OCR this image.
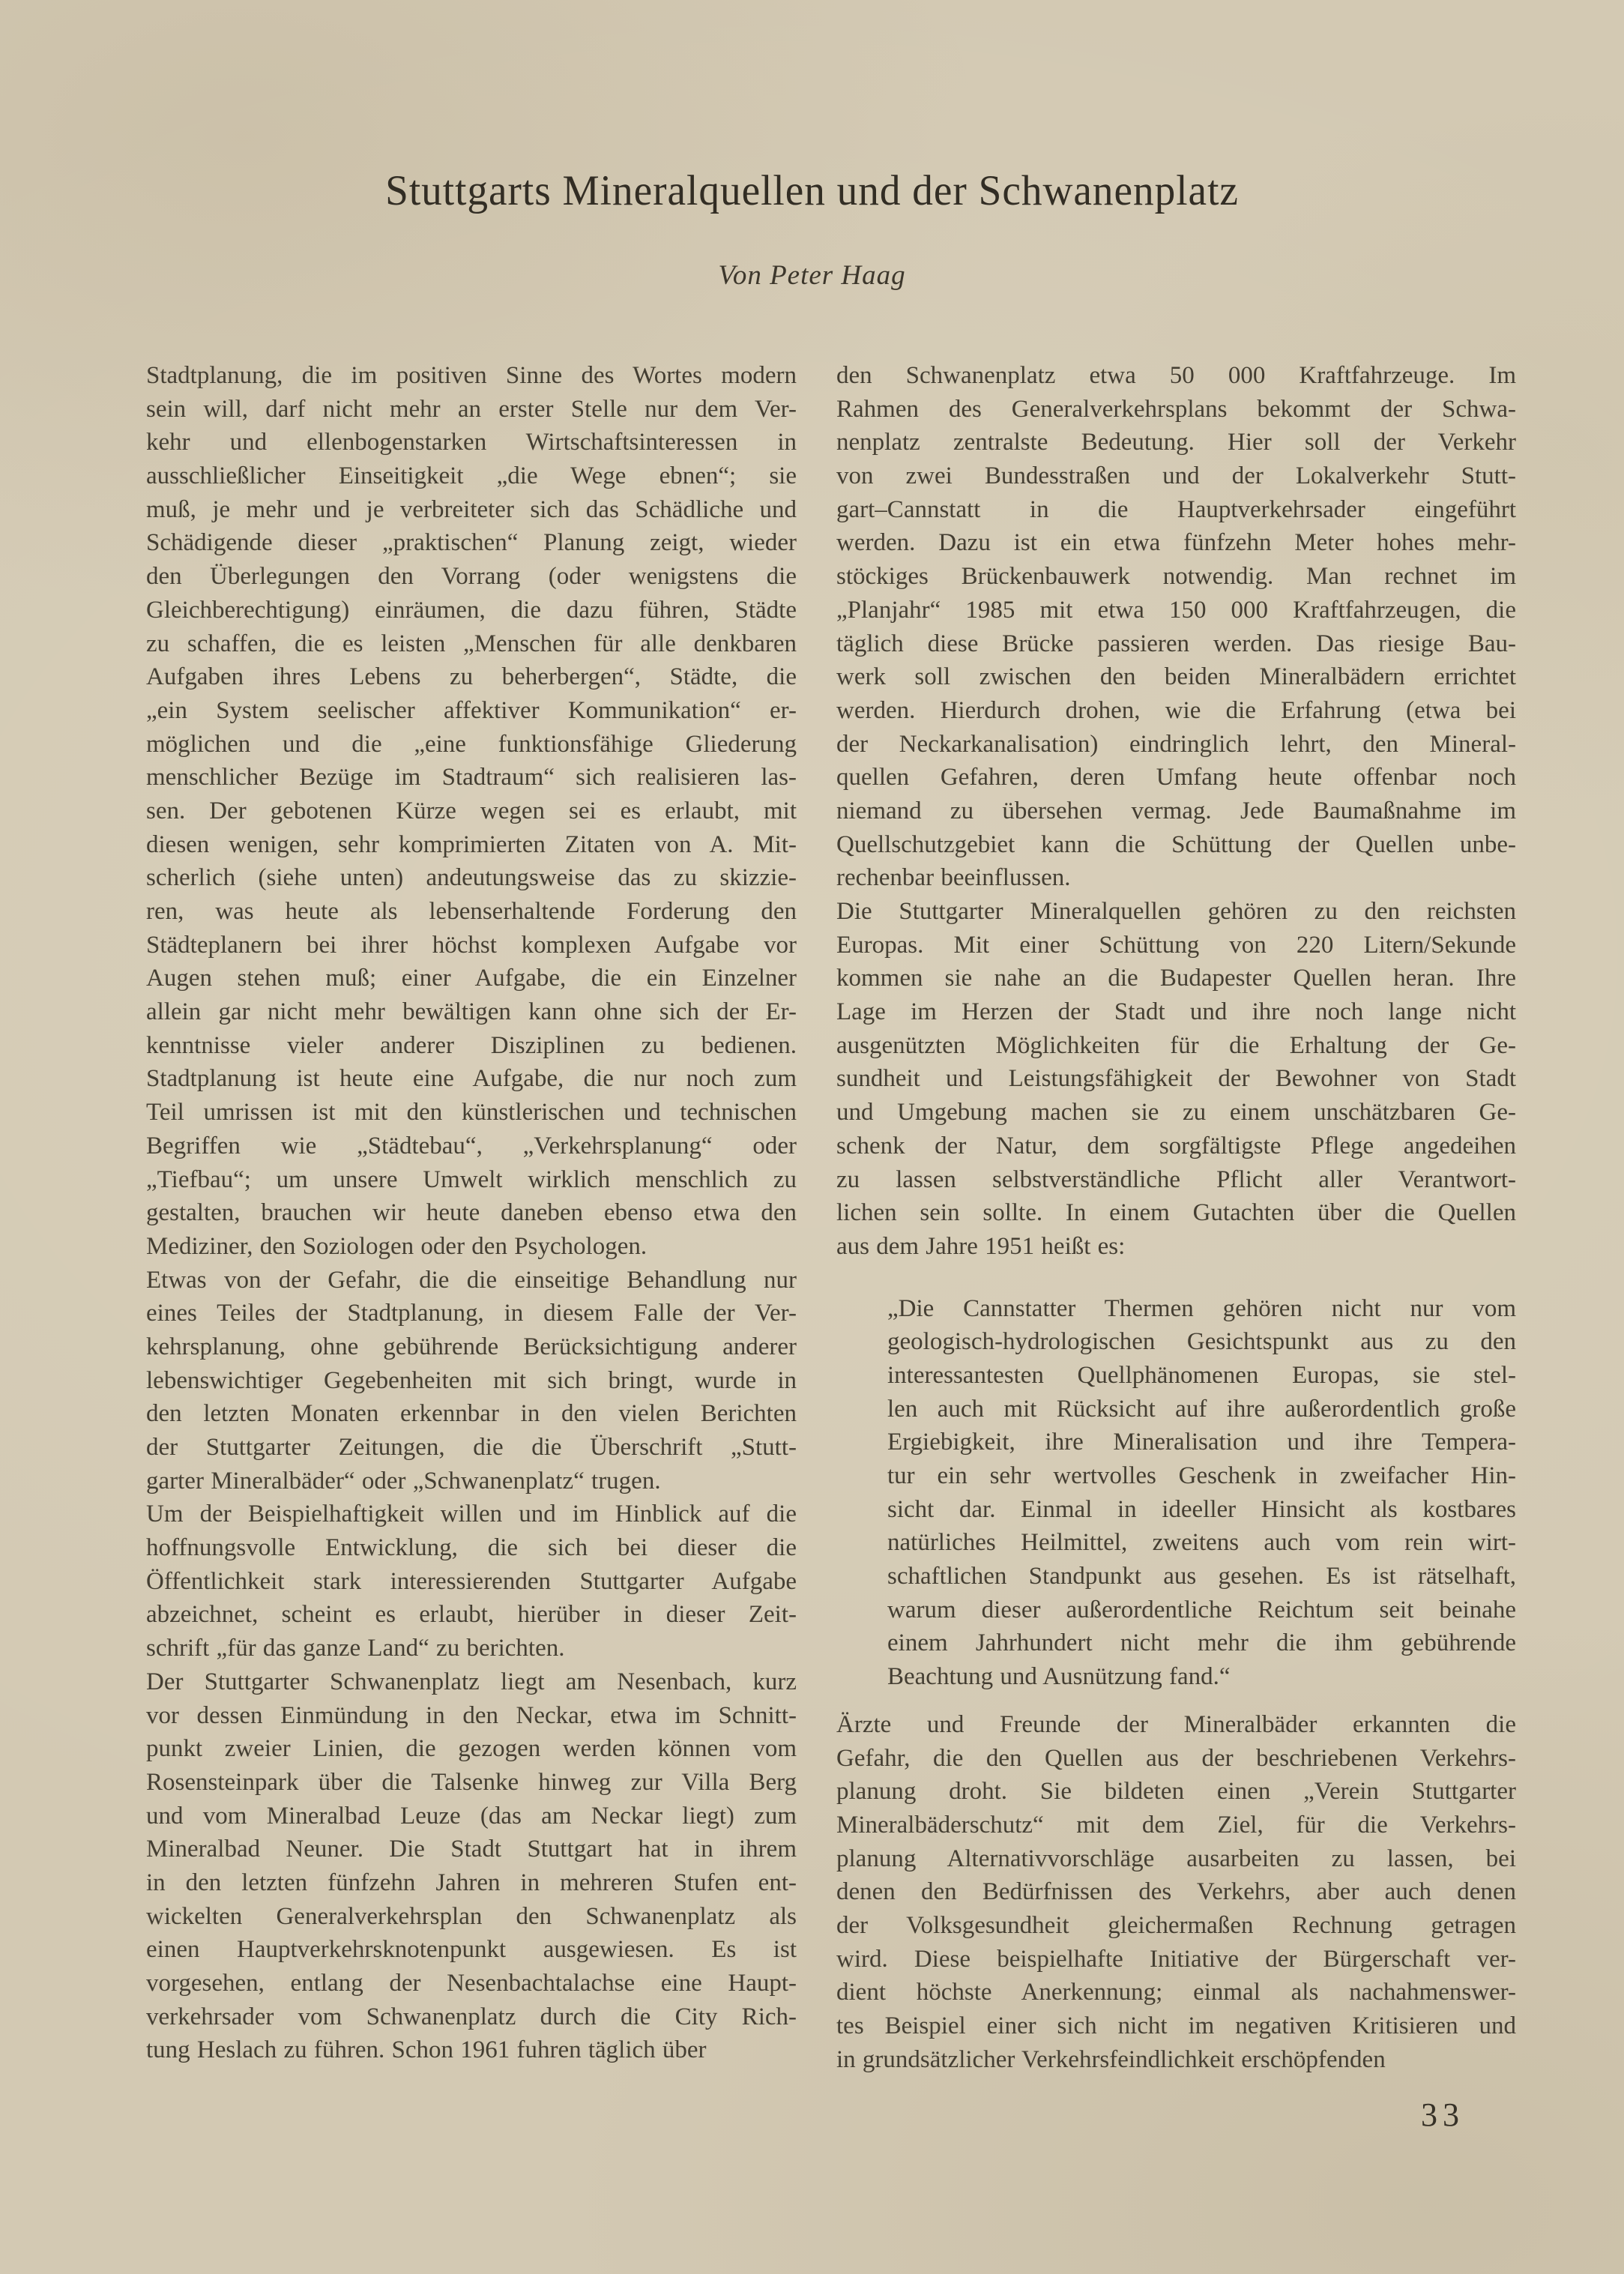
Stuttgarts Mineralquellen und der Schwanenplatz
Von Peter Haag
Stadtplanung, die im positiven Sinne des Wortes modern
sein will, darf nicht mehr an erster Stelle nur dem Ver-
kehr und ellenbogenstarken Wirtschaftsinteressen in
ausschließlicher Einseitigkeit „die Wege ebnen“; sie
muß, je mehr und je verbreiteter sich das Schädliche und
Schädigende dieser „praktischen“ Planung zeigt, wieder
den Überlegungen den Vorrang (oder wenigstens die
Gleichberechtigung) einräumen, die dazu führen, Städte
zu schaffen, die es leisten „Menschen für alle denkbaren
Aufgaben ihres Lebens zu beherbergen“, Städte, die
„ein System seelischer affektiver Kommunikation“ er-
möglichen und die „eine funktionsfähige Gliederung
menschlicher Bezüge im Stadtraum“ sich realisieren las-
sen. Der gebotenen Kürze wegen sei es erlaubt, mit
diesen wenigen, sehr komprimierten Zitaten von A. Mit-
scherlich (siehe unten) andeutungsweise das zu skizzie-
ren, was heute als lebenserhaltende Forderung den
Städteplanern bei ihrer höchst komplexen Aufgabe vor
Augen stehen muß; einer Aufgabe, die ein Einzelner
allein gar nicht mehr bewältigen kann ohne sich der Er-
kenntnisse vieler anderer Disziplinen zu bedienen.
Stadtplanung ist heute eine Aufgabe, die nur noch zum
Teil umrissen ist mit den künstlerischen und technischen
Begriffen wie „Städtebau“, „Verkehrsplanung“ oder
„Tiefbau“; um unsere Umwelt wirklich menschlich zu
gestalten, brauchen wir heute daneben ebenso etwa den
Mediziner, den Soziologen oder den Psychologen.
Etwas von der Gefahr, die die einseitige Behandlung nur
eines Teiles der Stadtplanung, in diesem Falle der Ver-
kehrsplanung, ohne gebührende Berücksichtigung anderer
lebenswichtiger Gegebenheiten mit sich bringt, wurde in
den letzten Monaten erkennbar in den vielen Berichten
der Stuttgarter Zeitungen, die die Überschrift „Stutt-
garter Mineralbäder“ oder „Schwanenplatz“ trugen.
Um der Beispielhaftigkeit willen und im Hinblick auf die
hoffnungsvolle Entwicklung, die sich bei dieser die
Öffentlichkeit stark interessierenden Stuttgarter Aufgabe
abzeichnet, scheint es erlaubt, hierüber in dieser Zeit-
schrift „für das ganze Land“ zu berichten.
Der Stuttgarter Schwanenplatz liegt am Nesenbach, kurz
vor dessen Einmündung in den Neckar, etwa im Schnitt-
punkt zweier Linien, die gezogen werden können vom
Rosensteinpark über die Talsenke hinweg zur Villa Berg
und vom Mineralbad Leuze (das am Neckar liegt) zum
Mineralbad Neuner. Die Stadt Stuttgart hat in ihrem
in den letzten fünfzehn Jahren in mehreren Stufen ent-
wickelten Generalverkehrsplan den Schwanenplatz als
einen Hauptverkehrsknotenpunkt ausgewiesen. Es ist
vorgesehen, entlang der Nesenbachtalachse eine Haupt-
verkehrsader vom Schwanenplatz durch die City Rich-
tung Heslach zu führen. Schon 1961 fuhren täglich über
den Schwanenplatz etwa 50 000 Kraftfahrzeuge. Im
Rahmen des Generalverkehrsplans bekommt der Schwa-
nenplatz zentralste Bedeutung. Hier soll der Verkehr
von zwei Bundesstraßen und der Lokalverkehr Stutt-
gart–Cannstatt in die Hauptverkehrsader eingeführt
werden. Dazu ist ein etwa fünfzehn Meter hohes mehr-
stöckiges Brückenbauwerk notwendig. Man rechnet im
„Planjahr“ 1985 mit etwa 150 000 Kraftfahrzeugen, die
täglich diese Brücke passieren werden. Das riesige Bau-
werk soll zwischen den beiden Mineralbädern errichtet
werden. Hierdurch drohen, wie die Erfahrung (etwa bei
der Neckarkanalisation) eindringlich lehrt, den Mineral-
quellen Gefahren, deren Umfang heute offenbar noch
niemand zu übersehen vermag. Jede Baumaßnahme im
Quellschutzgebiet kann die Schüttung der Quellen unbe-
rechenbar beeinflussen.
Die Stuttgarter Mineralquellen gehören zu den reichsten
Europas. Mit einer Schüttung von 220 Litern/Sekunde
kommen sie nahe an die Budapester Quellen heran. Ihre
Lage im Herzen der Stadt und ihre noch lange nicht
ausgenützten Möglichkeiten für die Erhaltung der Ge-
sundheit und Leistungsfähigkeit der Bewohner von Stadt
und Umgebung machen sie zu einem unschätzbaren Ge-
schenk der Natur, dem sorgfältigste Pflege angedeihen
zu lassen selbstverständliche Pflicht aller Verantwort-
lichen sein sollte. In einem Gutachten über die Quellen
aus dem Jahre 1951 heißt es:
„Die Cannstatter Thermen gehören nicht nur vom
geologisch-hydrologischen Gesichtspunkt aus zu den
interessantesten Quellphänomenen Europas, sie stel-
len auch mit Rücksicht auf ihre außerordentlich große
Ergiebigkeit, ihre Mineralisation und ihre Tempera-
tur ein sehr wertvolles Geschenk in zweifacher Hin-
sicht dar. Einmal in ideeller Hinsicht als kostbares
natürliches Heilmittel, zweitens auch vom rein wirt-
schaftlichen Standpunkt aus gesehen. Es ist rätselhaft,
warum dieser außerordentliche Reichtum seit beinahe
einem Jahrhundert nicht mehr die ihm gebührende
Beachtung und Ausnützung fand.“
Ärzte und Freunde der Mineralbäder erkannten die
Gefahr, die den Quellen aus der beschriebenen Verkehrs-
planung droht. Sie bildeten einen „Verein Stuttgarter
Mineralbäderschutz“ mit dem Ziel, für die Verkehrs-
planung Alternativvorschläge ausarbeiten zu lassen, bei
denen den Bedürfnissen des Verkehrs, aber auch denen
der Volksgesundheit gleichermaßen Rechnung getragen
wird. Diese beispielhafte Initiative der Bürgerschaft ver-
dient höchste Anerkennung; einmal als nachahmenswer-
tes Beispiel einer sich nicht im negativen Kritisieren und
in grundsätzlicher Verkehrsfeindlichkeit erschöpfenden
33
